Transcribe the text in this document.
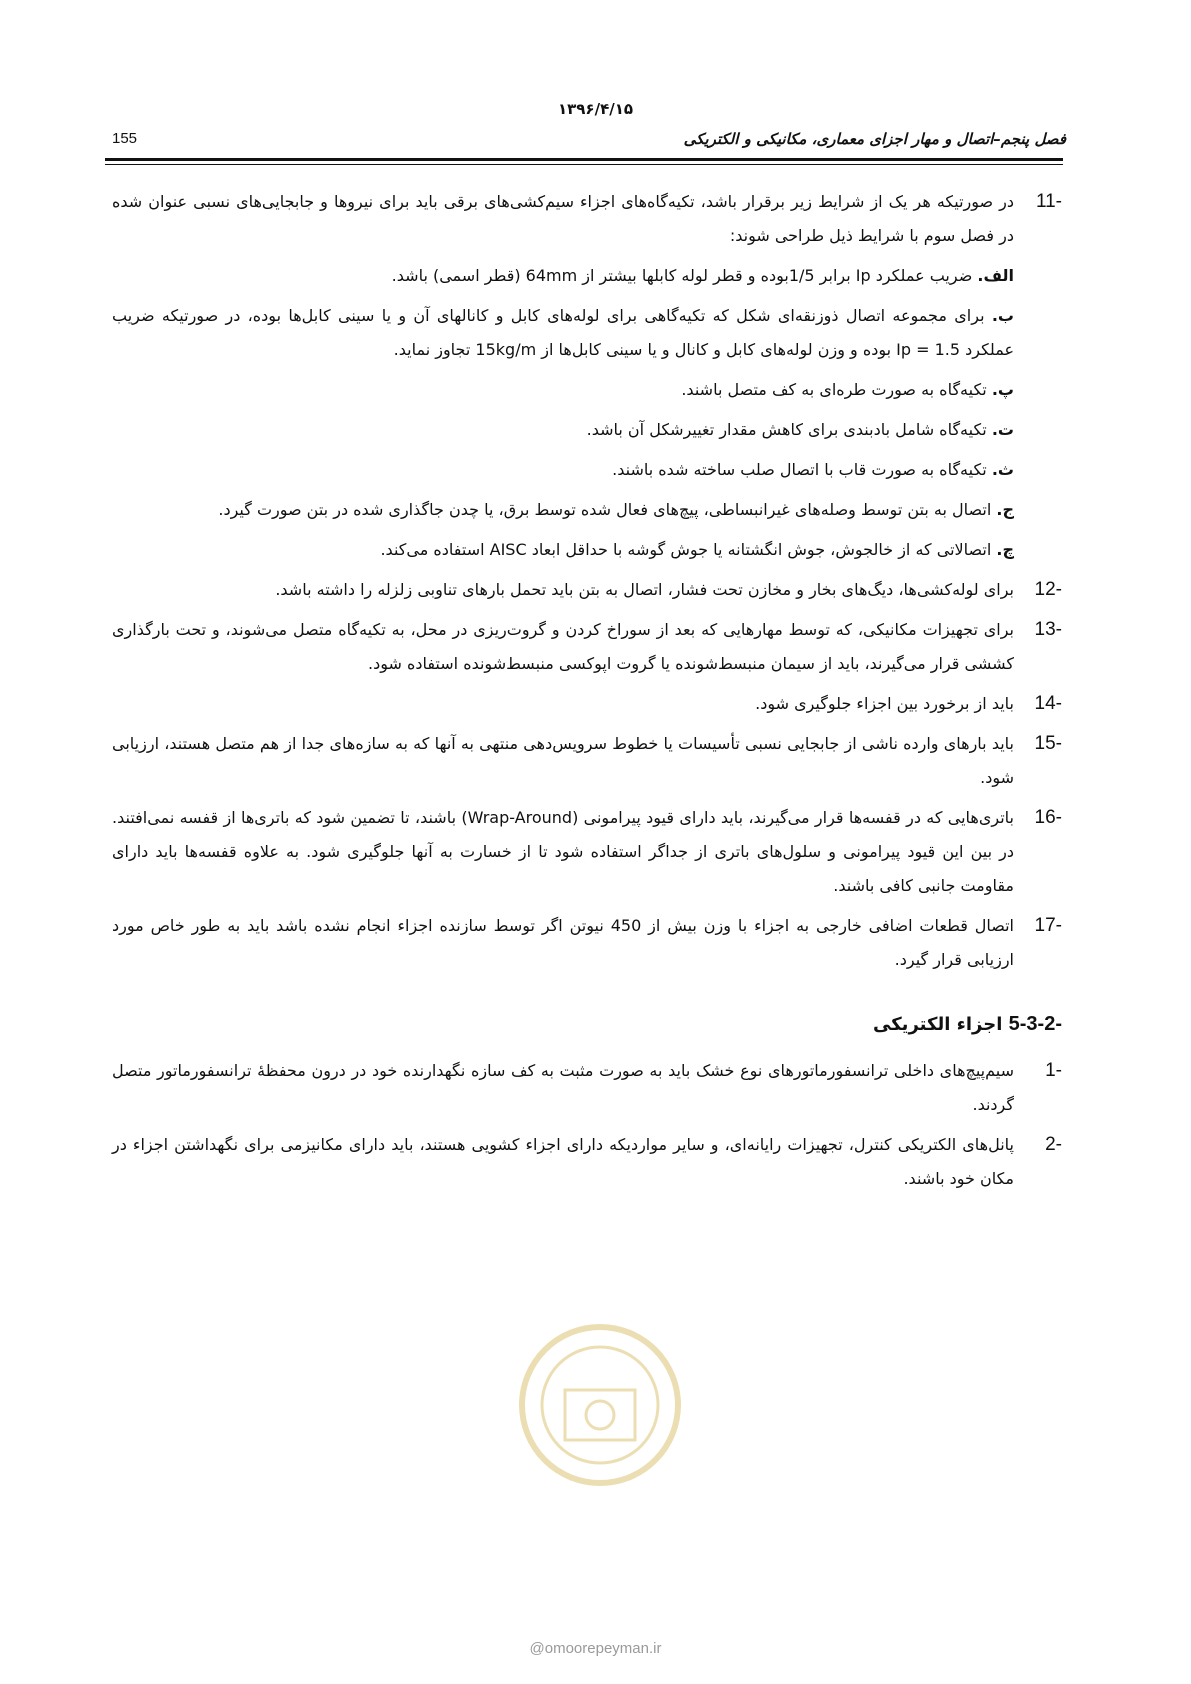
۱۳۹۶/۴/۱۵
155	فصل پنجم–اتصال و مهار اجزای معماری، مکانیکی و الکتریکی
11-
در صورتیکه هر یک از شرایط زیر برقرار باشد، تکیه‌گاه‌های اجزاء سیم‌کشی‌های برقی باید برای نیروها و جابجایی‌های نسبی عنوان شده در فصل سوم با شرایط ذیل طراحی شوند:
الف. ضریب عملکرد Ip برابر 1/5بوده و قطر لوله کابلها بیشتر از 64mm (قطر اسمی) باشد.
ب. برای مجموعه اتصال ذوزنقه‌ای شکل که تکیه‌گاهی برای لوله‌های کابل و کانالهای آن و یا سینی کابل‌ها بوده، در صورتیکه ضریب عملکرد Ip = 1.5 بوده و وزن لوله‌های کابل و کانال و یا سینی کابل‌ها از 15kg/m تجاوز نماید.
پ. تکیه‌گاه به صورت طره‌ای به کف متصل باشند.
ت. تکیه‌گاه شامل بادبندی برای کاهش مقدار تغییرشکل آن باشد.
ث. تکیه‌گاه به صورت قاب با اتصال صلب ساخته شده باشند.
ج. اتصال به بتن توسط وصله‌های غیرانبساطی، پیچ‌های فعال شده توسط برق، یا چدن جاگذاری شده در بتن صورت گیرد.
چ. اتصالاتی که از خالجوش، جوش انگشتانه یا جوش گوشه با حداقل ابعاد AISC استفاده می‌کند.
12-
برای لوله‌کشی‌ها، دیگ‌های بخار و مخازن تحت فشار، اتصال به بتن باید تحمل بارهای تناوبی زلزله را داشته باشد.
13-
برای تجهیزات مکانیکی، که توسط مهارهایی که بعد از سوراخ کردن و گروت‌ریزی در محل، به تکیه‌گاه متصل می‌شوند، و تحت بارگذاری کششی قرار می‌گیرند، باید از سیمان منبسط‌شونده یا گروت اپوکسی منبسط‌شونده استفاده شود.
14-
باید از برخورد بین اجزاء جلوگیری شود.
15-
باید بارهای وارده ناشی از جابجایی نسبی تأسیسات یا خطوط سرویس‌دهی منتهی به آنها که به سازه‌های جدا از هم متصل هستند، ارزیابی شود.
16-
باتری‌هایی که در قفسه‌ها قرار می‌گیرند، باید دارای قیود پیرامونی (Wrap-Around) باشند، تا تضمین شود که باتری‌ها از قفسه نمی‌افتند. در بین این قیود پیرامونی و سلول‌های باتری از جداگر استفاده شود تا از خسارت به آنها جلوگیری شود. به علاوه قفسه‌ها باید دارای مقاومت جانبی کافی باشند.
17-
اتصال قطعات اضافی خارجی به اجزاء با وزن بیش از 450 نیوتن اگر توسط سازنده اجزاء انجام نشده باشد باید به طور خاص مورد ارزیابی قرار گیرد.
5-3-2- اجزاء الکتریکی
1-
سیم‌پیچ‌های داخلی ترانسفورماتورهای نوع خشک باید به صورت مثبت به کف سازه نگهدارنده خود در درون محفظهٔ ترانسفورماتور متصل گردند.
2-
پانل‌های الکتریکی کنترل، تجهیزات رایانه‌ای، و سایر مواردیکه دارای اجزاء کشویی هستند، باید دارای مکانیزمی برای نگهداشتن اجزاء در مکان خود باشند.
@omoorepeyman.ir
